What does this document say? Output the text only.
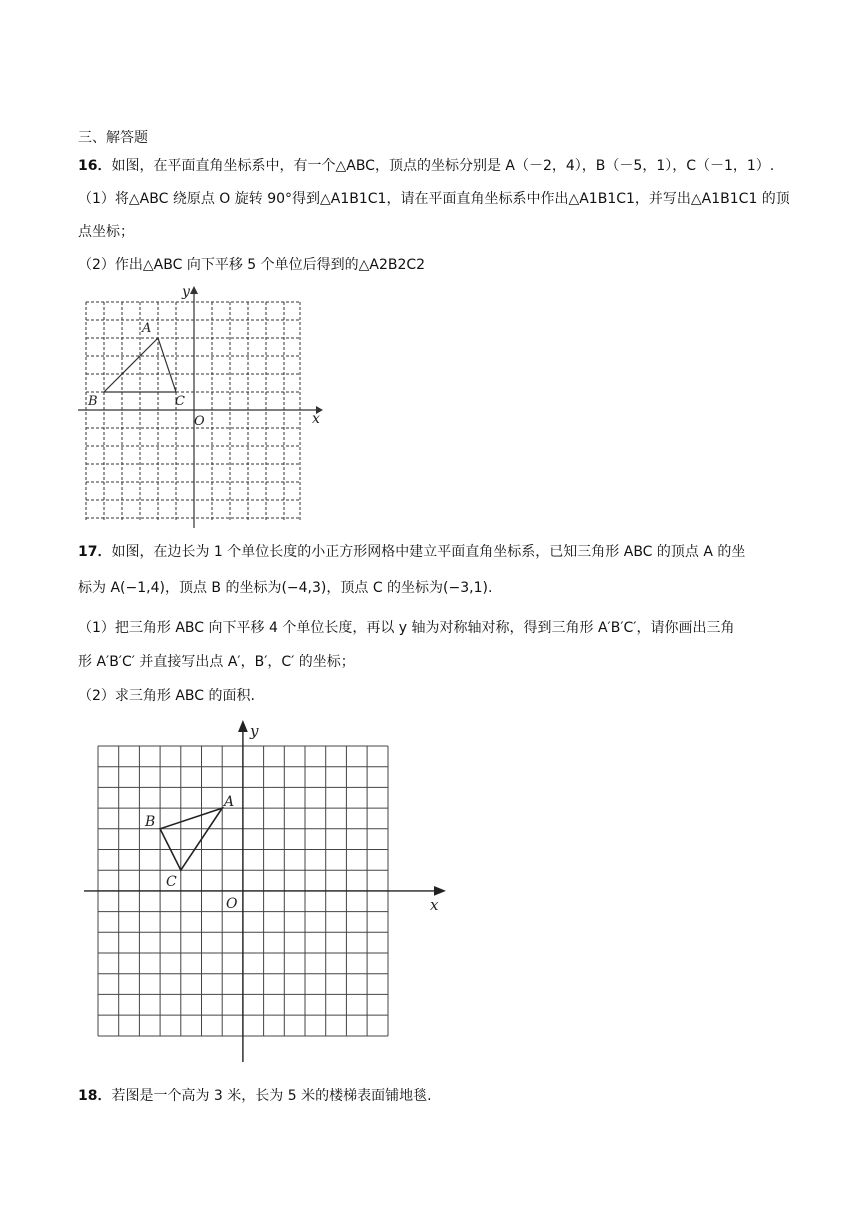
三、解答题
16．如图，在平面直角坐标系中，有一个△ABC，顶点的坐标分别是 A（－2，4），B（－5，1），C（－1，1）.
（1）将△ABC 绕原点 O 旋转 90°得到△A1B1C1，请在平面直角坐标系中作出△A1B1C1，并写出△A1B1C1 的顶
点坐标；
（2）作出△ABC 向下平移 5 个单位后得到的△A2B2C2
x
y
O
A
B	C
17．如图，在边长为 1 个单位长度的小正方形网格中建立平面直角坐标系，已知三角形 ABC 的顶点 A 的坐
标为 A(−1,4)，顶点 B 的坐标为(−4,3)，顶点 C 的坐标为(−3,1).
（1）把三角形 ABC 向下平移 4 个单位长度，再以 y 轴为对称轴对称，得到三角形 A′B′C′，请你画出三角
形 A′B′C′ 并直接写出点 A′，B′，C′ 的坐标；
（2）求三角形 ABC 的面积.
x
y
O
A
B
C
18．若图是一个高为 3 米，长为 5 米的楼梯表面铺地毯.
